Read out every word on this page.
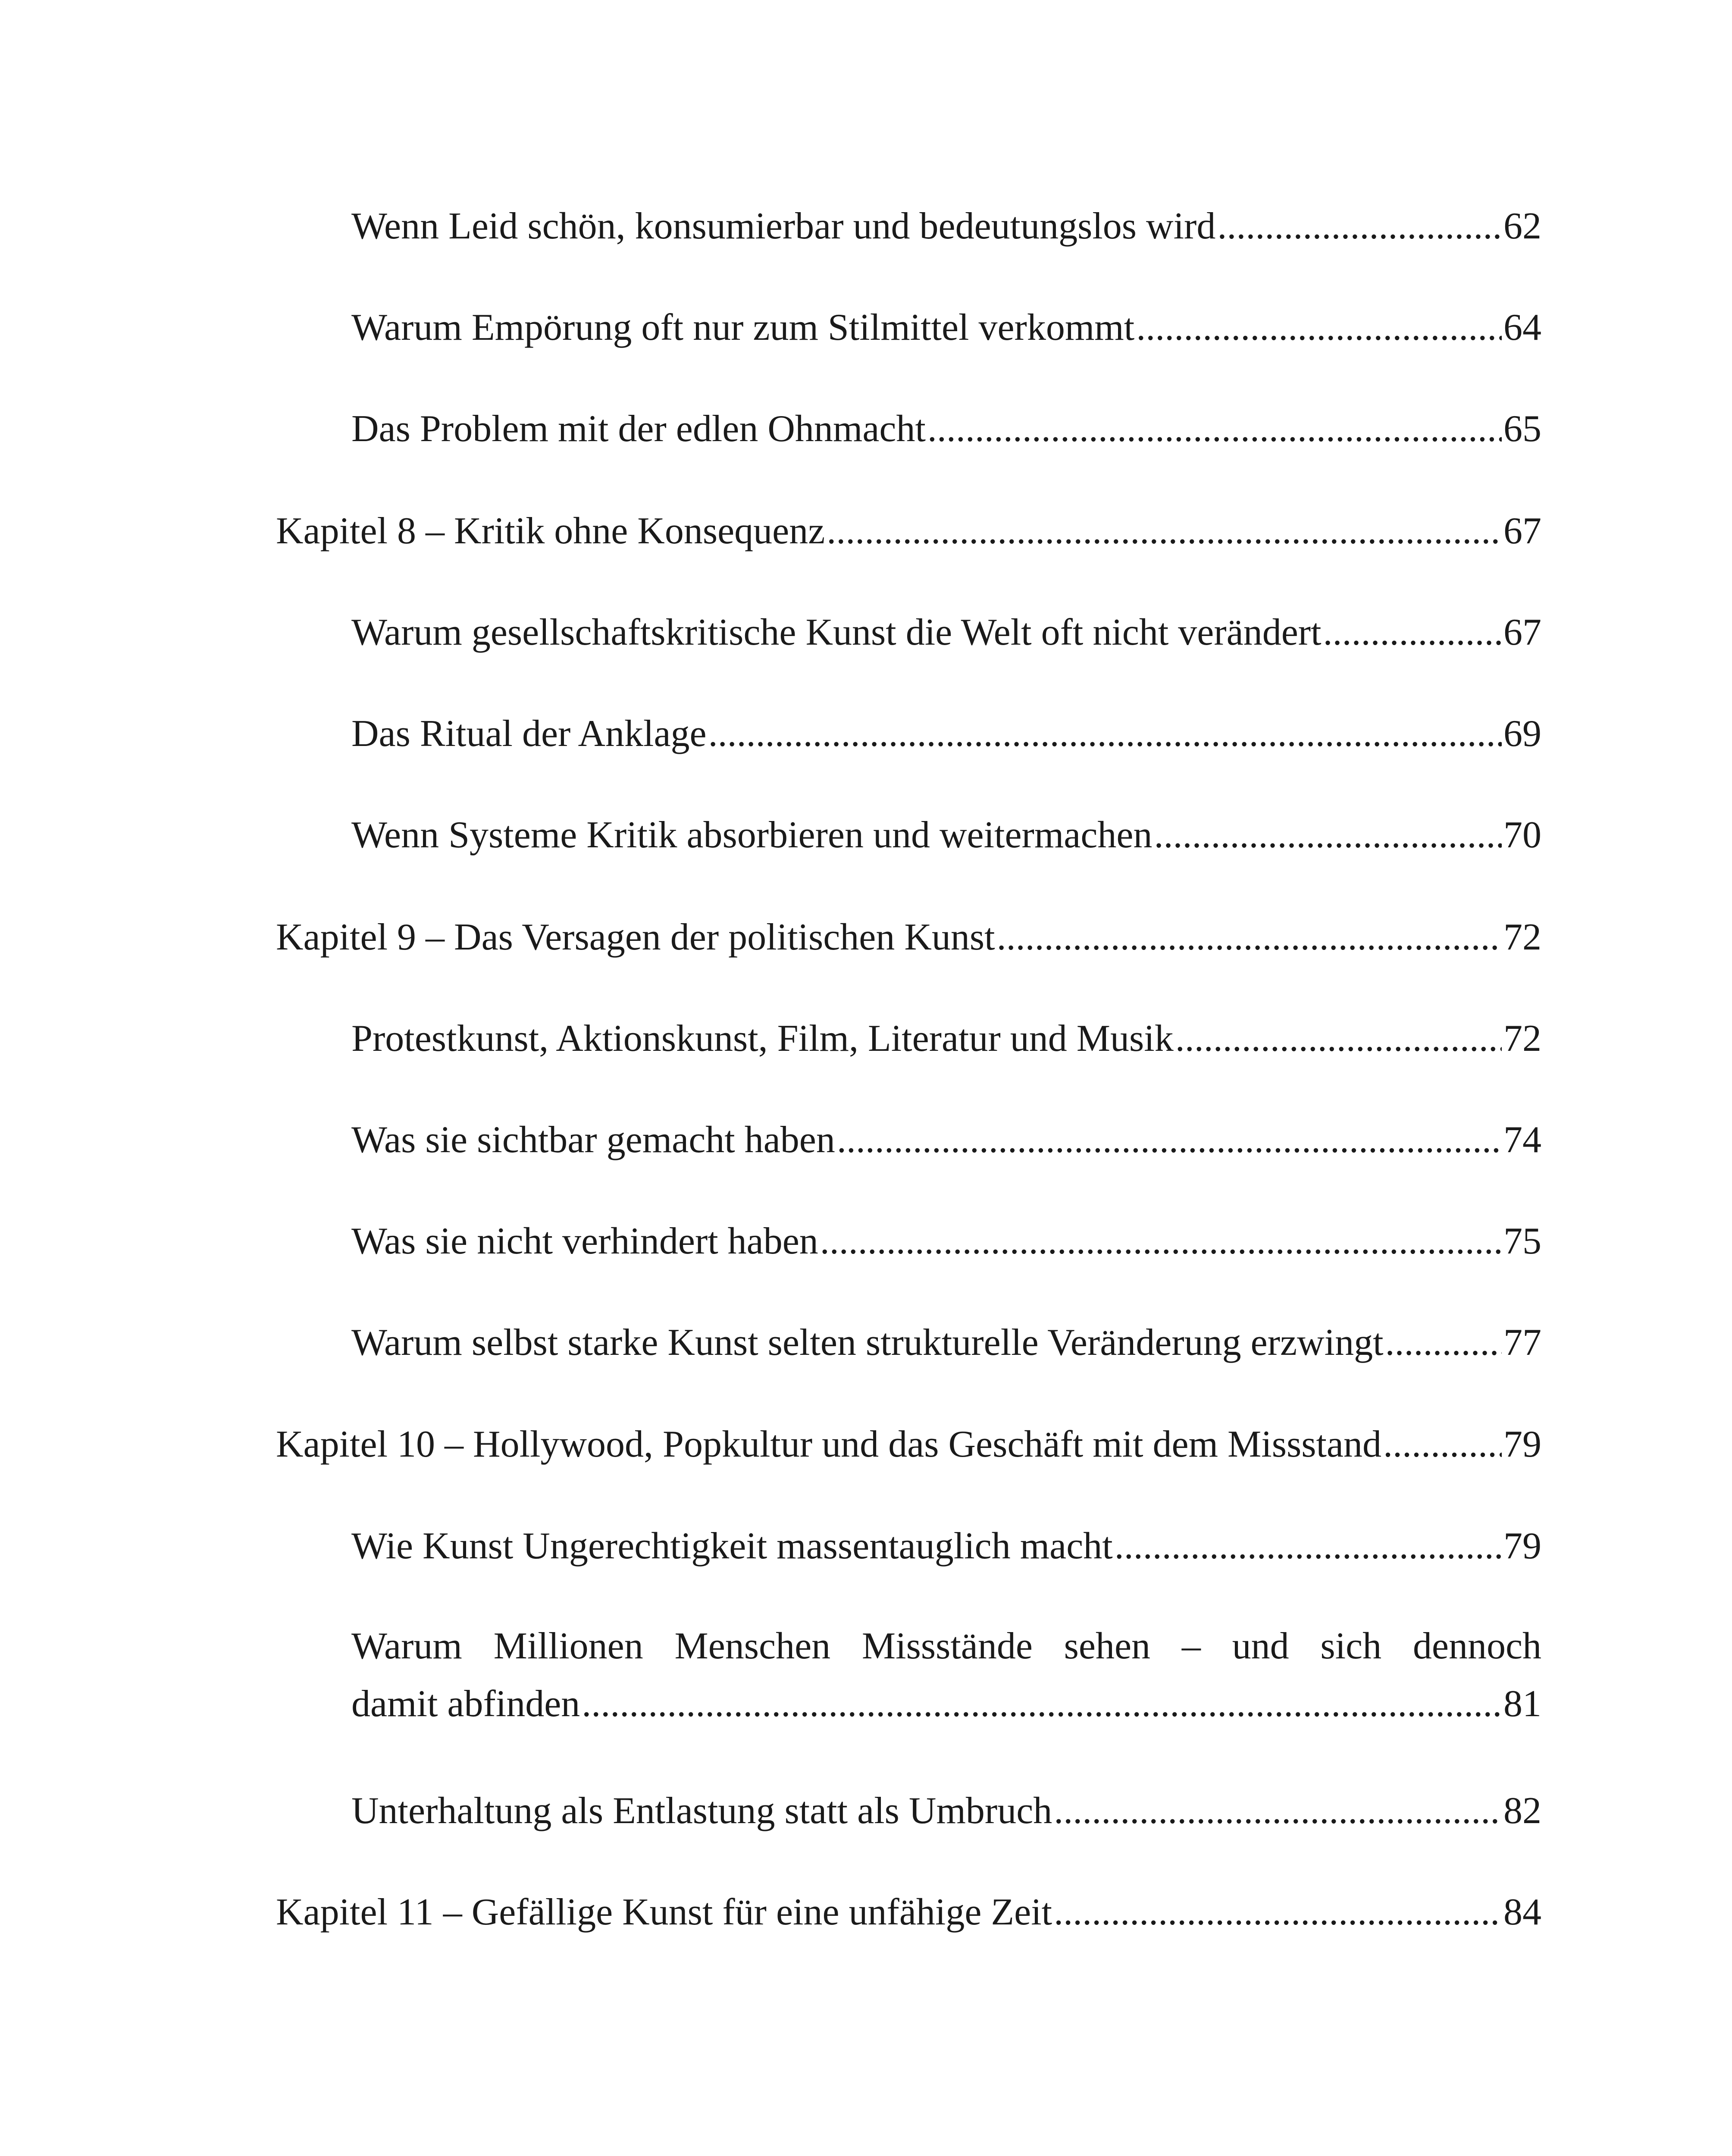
Wenn Leid schön, konsumierbar und bedeutungslos wird .....	62
Warum Empörung oft nur zum Stilmittel verkommt .....	64
Das Problem mit der edlen Ohnmacht .....	65
Kapitel 8 – Kritik ohne Konsequenz .....	67
Warum gesellschaftskritische Kunst die Welt oft nicht verändert .....	67
Das Ritual der Anklage .....	69
Wenn Systeme Kritik absorbieren und weitermachen .....	70
Kapitel 9 – Das Versagen der politischen Kunst .....	72
Protestkunst, Aktionskunst, Film, Literatur und Musik .....	72
Was sie sichtbar gemacht haben .....	74
Was sie nicht verhindert haben .....	75
Warum selbst starke Kunst selten strukturelle Veränderung erzwingt .....	77
Kapitel 10 – Hollywood, Popkultur und das Geschäft mit dem Missstand .....	79
Wie Kunst Ungerechtigkeit massentauglich macht .....	79
Warum Millionen Menschen Missstände sehen – und sich dennoch
damit abfinden .....	81
Unterhaltung als Entlastung statt als Umbruch .....	82
Kapitel 11 – Gefällige Kunst für eine unfähige Zeit .....	84
